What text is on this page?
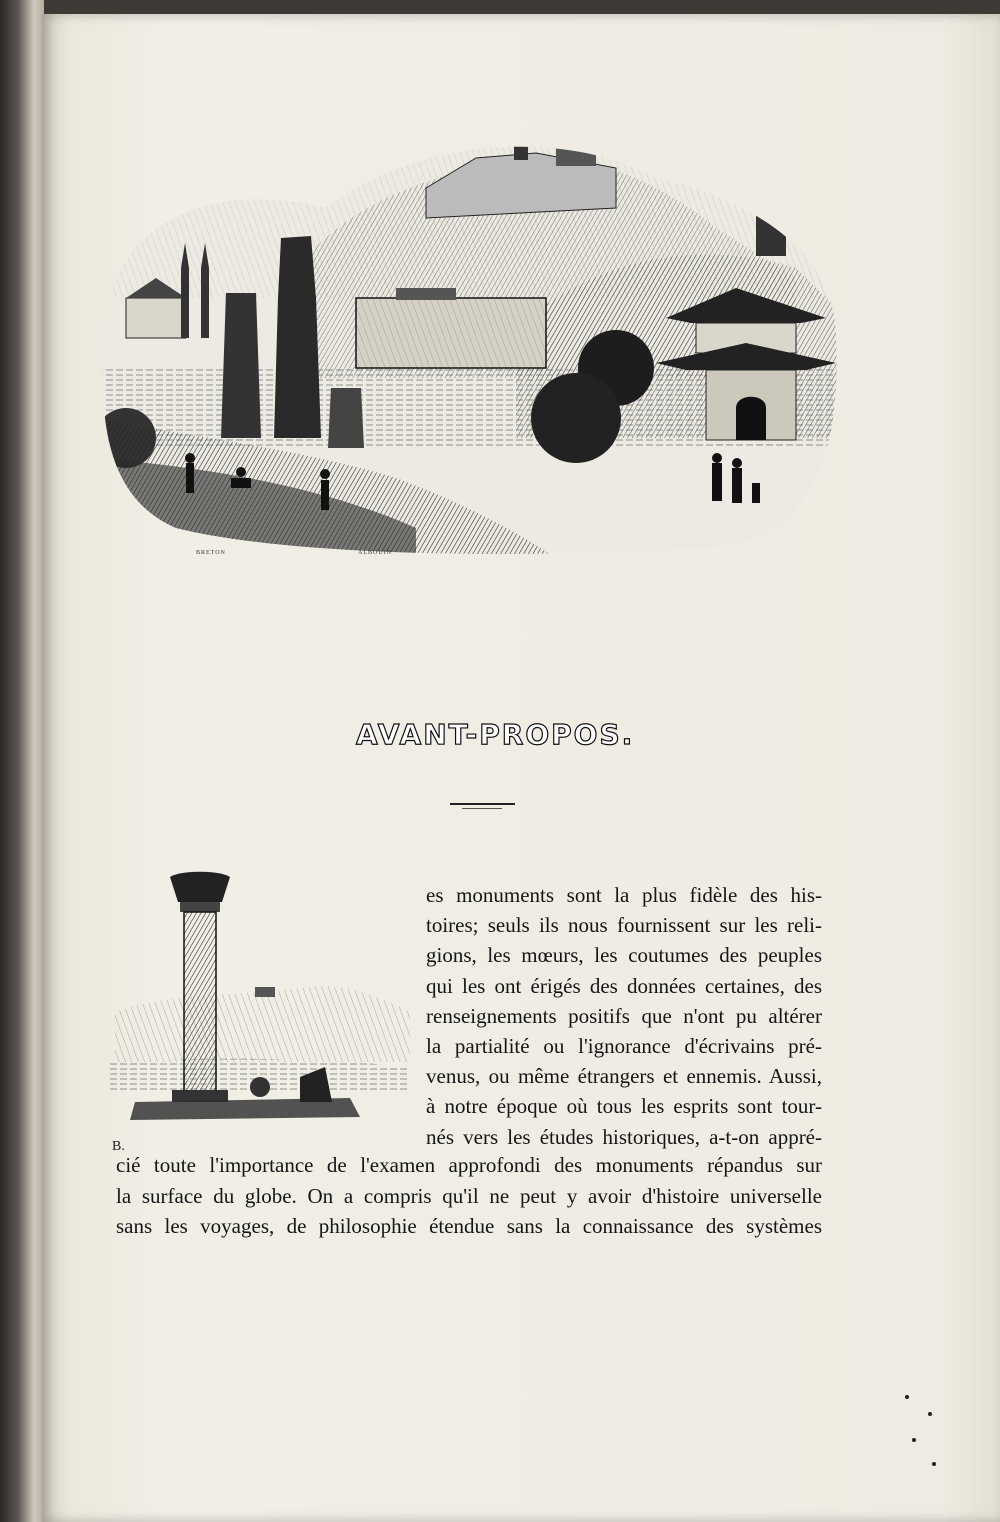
BRETON	ALBOUIN
AVANT-PROPOS.
B.
es monuments sont la plus fidèle des his-
toires; seuls ils nous fournissent sur les reli-
gions, les mœurs, les coutumes des peuples
qui les ont érigés des données certaines, des
renseignements positifs que n'ont pu altérer
la partialité ou l'ignorance d'écrivains pré-
venus, ou même étrangers et ennemis. Aussi,
à notre époque où tous les esprits sont tour-
nés vers les études historiques, a-t-on appré-
cié toute l'importance de l'examen approfondi des monuments répandus sur
la surface du globe. On a compris qu'il ne peut y avoir d'histoire universelle
sans les voyages, de philosophie étendue sans la connaissance des systèmes
